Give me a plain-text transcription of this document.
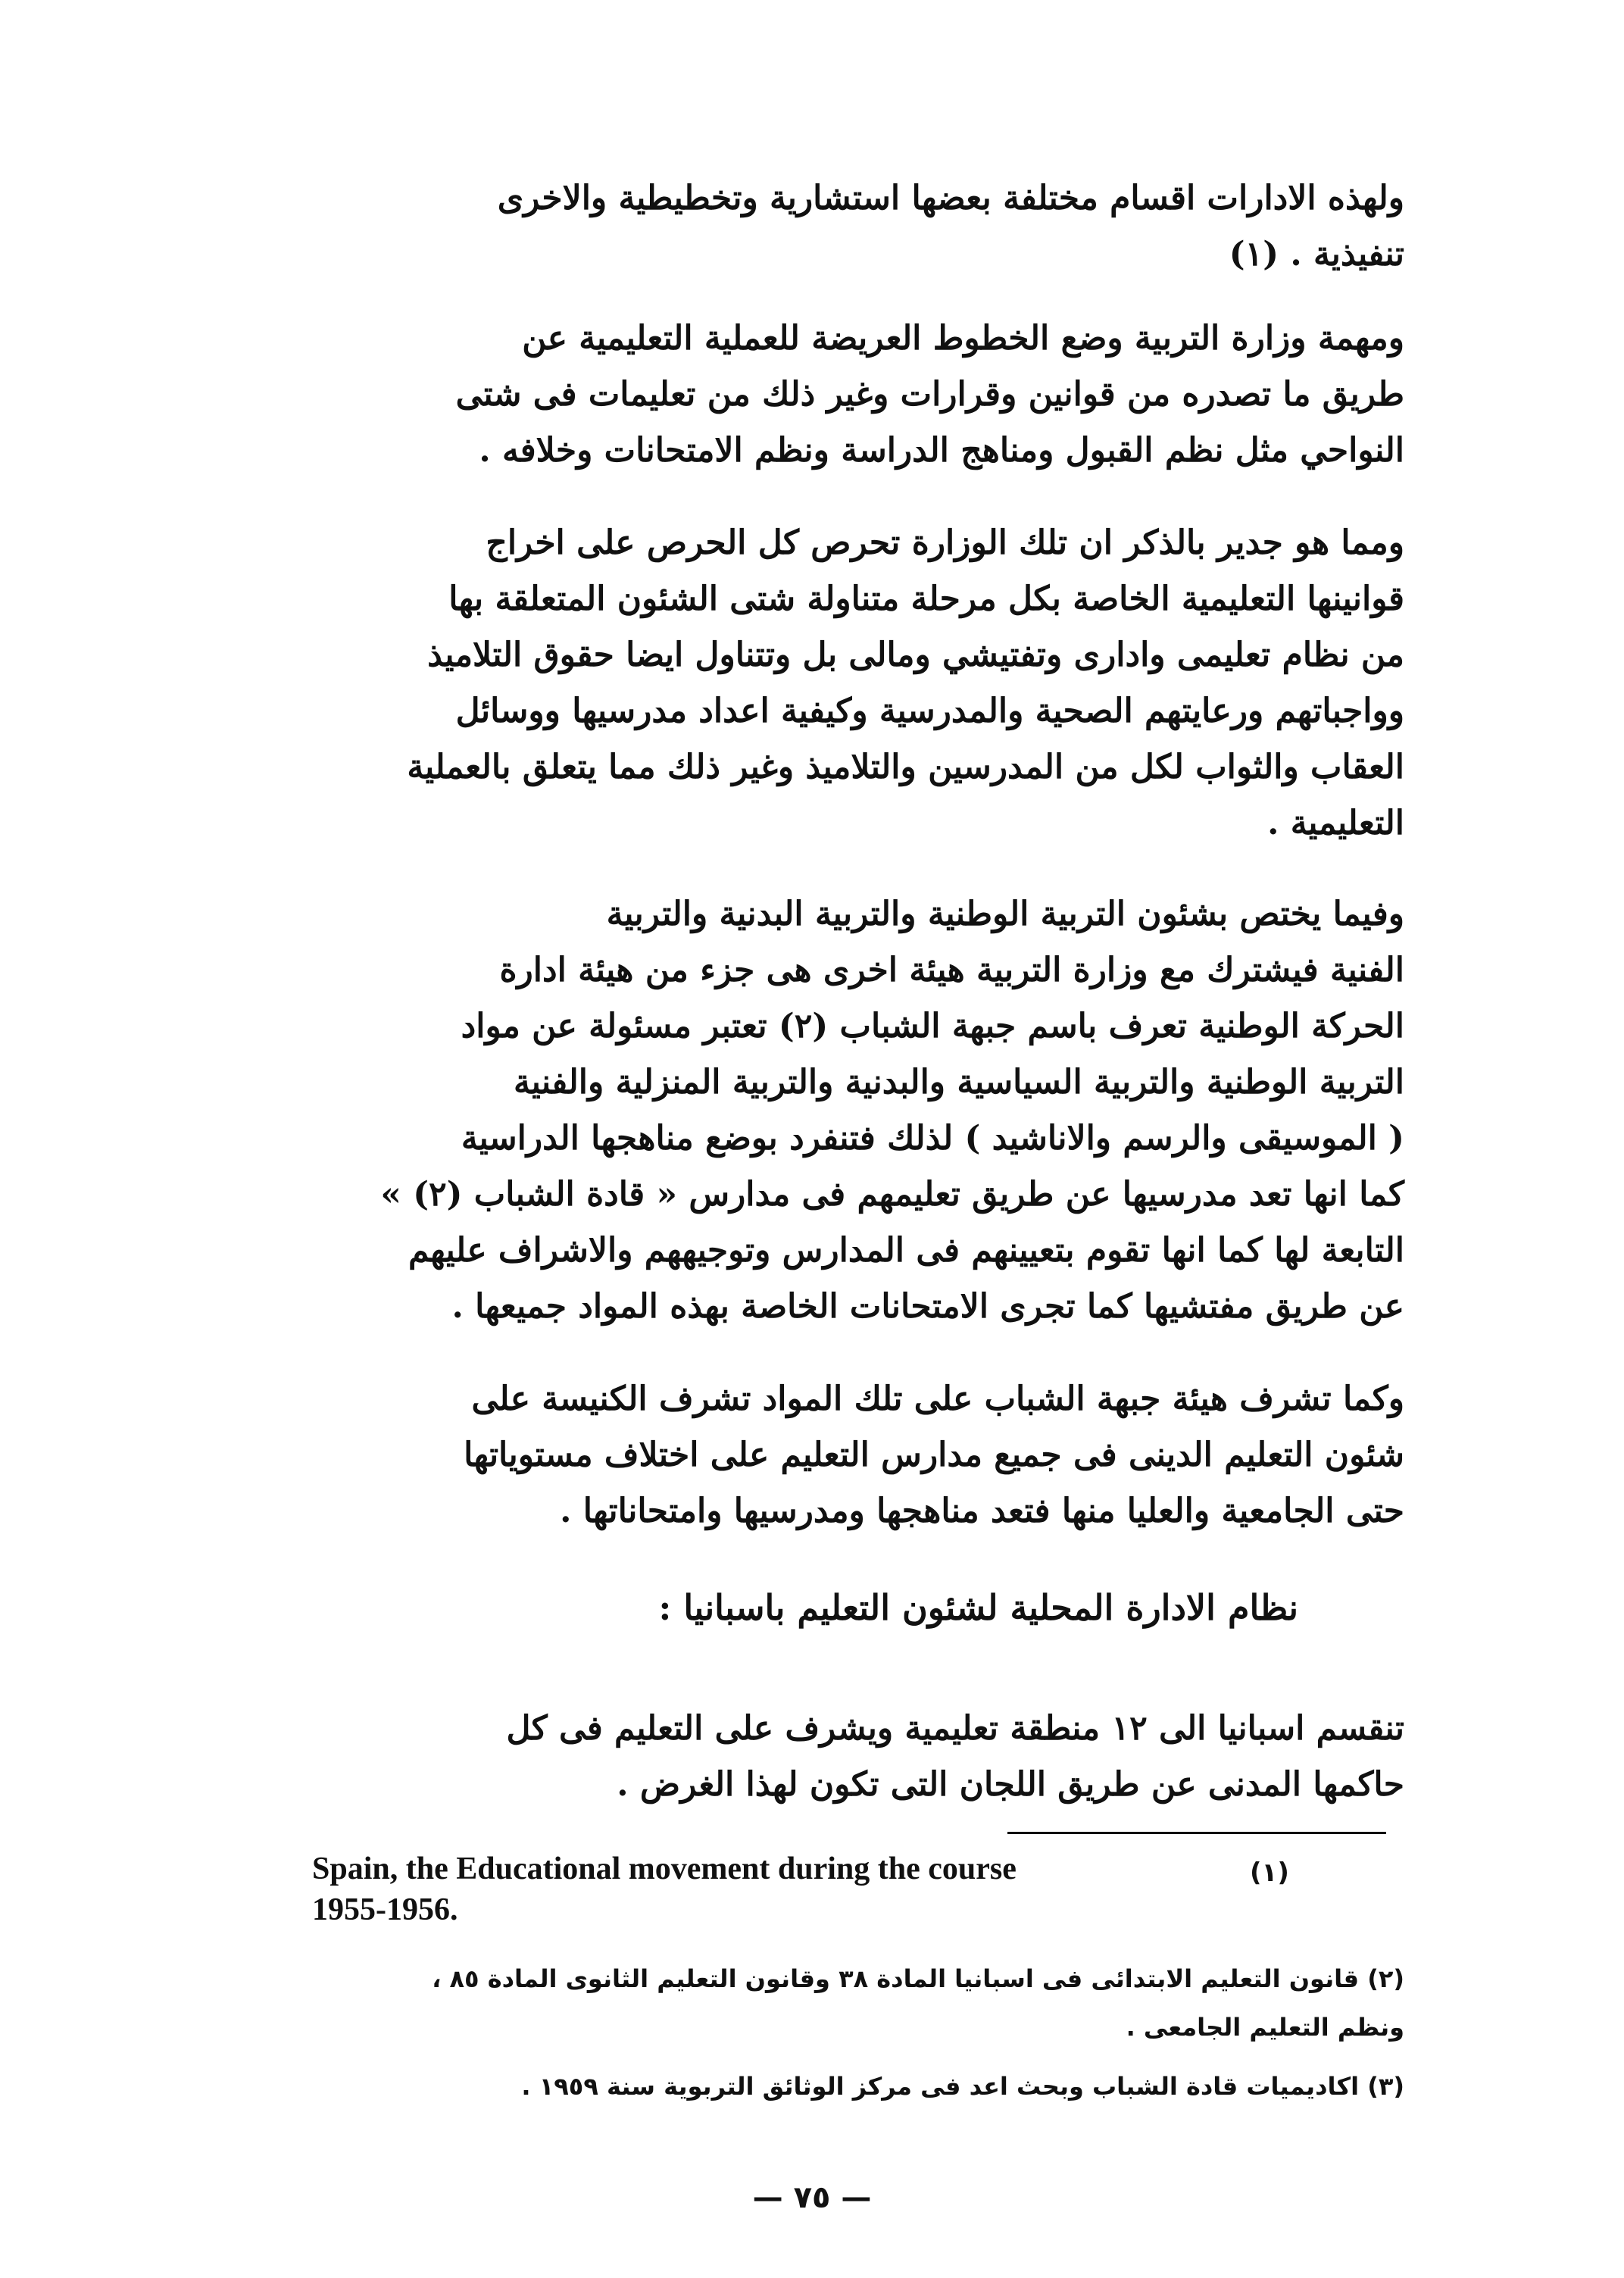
ولهذه الادارات اقسام مختلفة بعضها استشارية وتخطيطية والاخرى
تنفيذية . (١)
ومهمة وزارة التربية وضع الخطوط العريضة للعملية التعليمية عن
طريق ما تصدره من قوانين وقرارات وغير ذلك من تعليمات فى شتى
النواحي مثل نظم القبول ومناهج الدراسة ونظم الامتحانات وخلافه .
ومما هو جدير بالذكر ان تلك الوزارة تحرص كل الحرص على اخراج
قوانينها التعليمية الخاصة بكل مرحلة متناولة شتى الشئون المتعلقة بها
من نظام تعليمى وادارى وتفتيشي ومالى بل وتتناول ايضا حقوق التلاميذ
وواجباتهم ورعايتهم الصحية والمدرسية وكيفية اعداد مدرسيها ووسائل
العقاب والثواب لكل من المدرسين والتلاميذ وغير ذلك مما يتعلق بالعملية
التعليمية .
وفيما يختص بشئون التربية الوطنية والتربية البدنية والتربية
الفنية فيشترك مع وزارة التربية هيئة اخرى هى جزء من هيئة ادارة
الحركة الوطنية تعرف باسم جبهة الشباب (٢) تعتبر مسئولة عن مواد
التربية الوطنية والتربية السياسية والبدنية والتربية المنزلية والفنية
( الموسيقى والرسم والاناشيد ) لذلك فتنفرد بوضع مناهجها الدراسية
كما انها تعد مدرسيها عن طريق تعليمهم فى مدارس « قادة الشباب (٢) »
التابعة لها كما انها تقوم بتعيينهم فى المدارس وتوجيههم والاشراف عليهم
عن طريق مفتشيها كما تجرى الامتحانات الخاصة بهذه المواد جميعها .
وكما تشرف هيئة جبهة الشباب على تلك المواد تشرف الكنيسة على
شئون التعليم الدينى فى جميع مدارس التعليم على اختلاف مستوياتها
حتى الجامعية والعليا منها فتعد مناهجها ومدرسيها وامتحاناتها .
نظام الادارة المحلية لشئون التعليم باسبانيا :
تنقسم اسبانيا الى ١٢ منطقة تعليمية ويشرف على التعليم فى كل
حاكمها المدنى عن طريق اللجان التى تكون لهذا الغرض .
Spain, the Educational movement during the course
1955-1956.
(١)
(٢) قانون التعليم الابتدائى فى اسبانيا المادة ٣٨ وقانون التعليم الثانوى المادة ٨٥ ،
ونظم التعليم الجامعى .
(٣) اكاديميات قادة الشباب وبحث اعد فى مركز الوثائق التربوية سنة ١٩٥٩ .
— ٧٥ —
